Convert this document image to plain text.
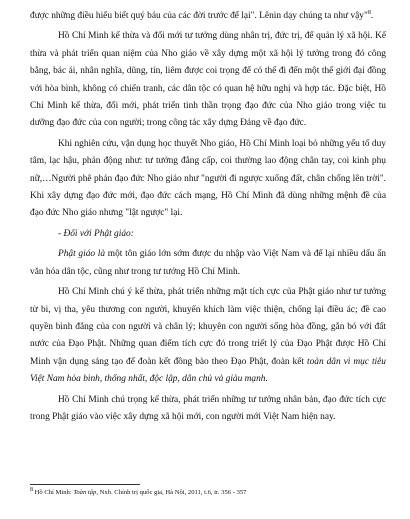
được những điều hiểu biết quý báu của các đời trước để lại". Lênin dạy chúng ta như vậy"$^8$.

Hồ Chí Minh kế thừa và đổi mới tư tưởng dùng nhân trị, đức trị, để quản lý xã hội. Kế thừa và phát triển quan niệm của Nho giáo về xây dựng một xã hội lý tưởng trong đó công bằng, bác ái, nhân nghĩa, dũng, tín, liêm được coi trọng để có thế đi đến một thế giới đại đồng với hòa bình, không có chiến tranh, các dân tộc có quan hệ hữu nghị và hợp tác. Đặc biệt, Hồ Chí Minh kế thừa, đổi mới, phát triển tinh thần trọng đạo đức của Nho giáo trong việc tu dưỡng đạo đức của con người; trong công tác xây dựng Đảng về đạo đức.

Khi nghiên cứu, vận dụng học thuyết Nho giáo, Hồ Chí Minh loại bỏ những yếu tố duy tâm, lạc hậu, phản động như: tư tưởng đẳng cấp, coi thường lao động chân tay, coi kinh phụ nữ,…Người phê phán đạo đức Nho giáo như "người đi ngược xuống đất, chân chổng lên trời". Khi xây dựng đạo đức mới, đạo đức cách mạng, Hồ Chí Minh đã dùng những mệnh đề của đạo đức Nho giáo nhưng "lật ngược" lại.

- Đối với Phật giáo:

Phật giáo là một tôn giáo lớn sớm được du nhập vào Việt Nam và để lại nhiều dấu ấn văn hóa dân tộc, cũng như trong tư tưởng Hồ Chí Minh.

Hồ Chí Minh chú ý kế thừa, phát triển những mặt tích cực của Phật giáo như tư tưởng từ bi, vị tha, yêu thương con người, khuyến khích làm việc thiện, chống lại điều ác; đề cao quyền bình đẳng của con người và chân lý; khuyên con người sống hòa đồng, gắn bó với đất nước của Đạo Phật. Những quan điểm tích cực đó trong triết lý của Đạo Phật được Hồ Chí Minh vận dụng sáng tạo để đoàn kết đồng bào theo Đạo Phật, đoàn kết toàn dân vì mục tiêu Việt Nam hòa bình, thống nhất, độc lập, dân chủ và giàu mạnh.

Hồ Chí Minh chú trọng kế thừa, phát triển những tư tưởng nhân bản, đạo đức tích cực trong Phật giáo vào việc xây dựng xã hội mới, con người mới Việt Nam hiện nay.

$^8$ Hồ Chí Minh: Toàn tập, Nxb. Chính trị quốc gia, Hà Nội, 2011, t.6, tr. 356 - 357
